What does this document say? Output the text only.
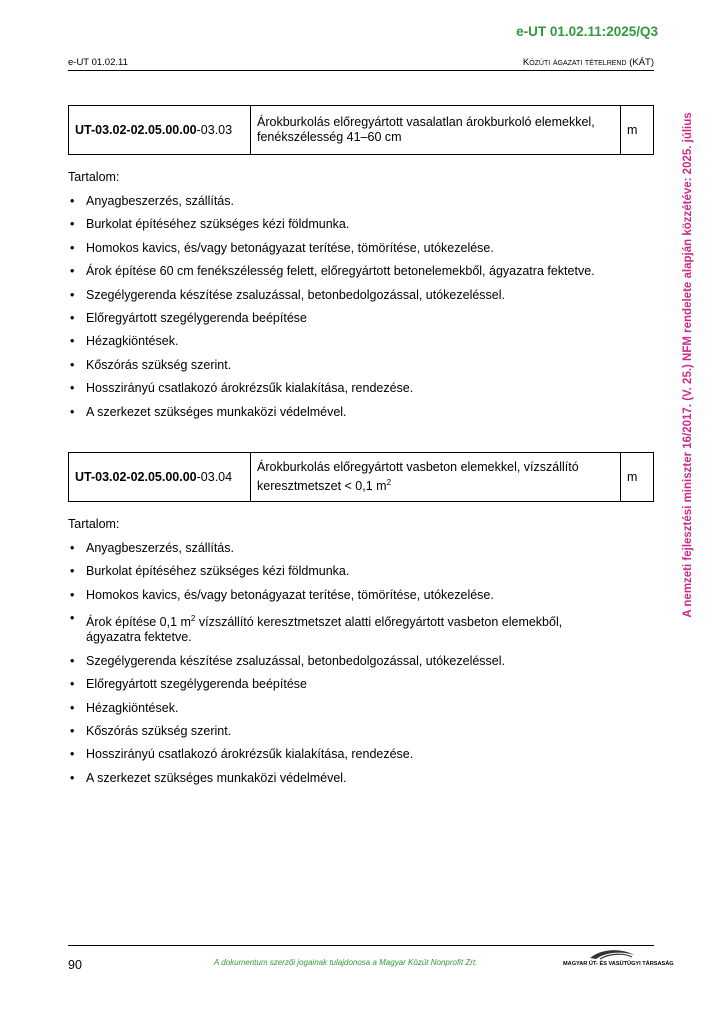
e-UT 01.02.11:2025/Q3
e-UT 01.02.11	Közúti ágazati tételrend (KÁT)
A nemzeti fejlesztési miniszter 16/2017. (V. 25.) NFM rendelete alapján közzétéve: 2025. július
UT-03.02-02.05.00.00-03.03	Árokburkolás előregyártott vasalatlan árokburkoló elemekkel,
fenékszélesség 41–60 cm	m
Tartalom:
• Anyagbeszerzés, szállítás.
• Burkolat építéséhez szükséges kézi földmunka.
• Homokos kavics, és/vagy betonágyazat terítése, tömörítése, utókezelése.
• Árok építése 60 cm fenékszélesség felett, előregyártott betonelemekből, ágyazatra fektetve.
• Szegélygerenda készítése zsaluzással, betonbedolgozással, utókezeléssel.
• Előregyártott szegélygerenda beépítése
• Hézagkiöntések.
• Kőszórás szükség szerint.
• Hosszirányú csatlakozó árokrézsűk kialakítása, rendezése.
• A szerkezet szükséges munkaközi védelmével.
UT-03.02-02.05.00.00-03.04	Árokburkolás előregyártott vasbeton elemekkel, vízszállító
keresztmetszet < 0,1 $m^2$	m
Tartalom:
• Anyagbeszerzés, szállítás.
• Burkolat építéséhez szükséges kézi földmunka.
• Homokos kavics, és/vagy betonágyazat terítése, tömörítése, utókezelése.
• Árok építése 0,1 $m^2$ vízszállító keresztmetszet alatti előregyártott vasbeton elemekből,
ágyazatra fektetve.
• Szegélygerenda készítése zsaluzással, betonbedolgozással, utókezeléssel.
• Előregyártott szegélygerenda beépítése
• Hézagkiöntések.
• Kőszórás szükség szerint.
• Hosszirányú csatlakozó árokrézsűk kialakítása, rendezése.
• A szerkezet szükséges munkaközi védelmével.
90	A dokumentum szerzői jogainak tulajdonosa a Magyar Közút Nonprofit Zrt.	MAGYAR ÚT- ÉS VASÚTÜGYI TÁRSASÁG
